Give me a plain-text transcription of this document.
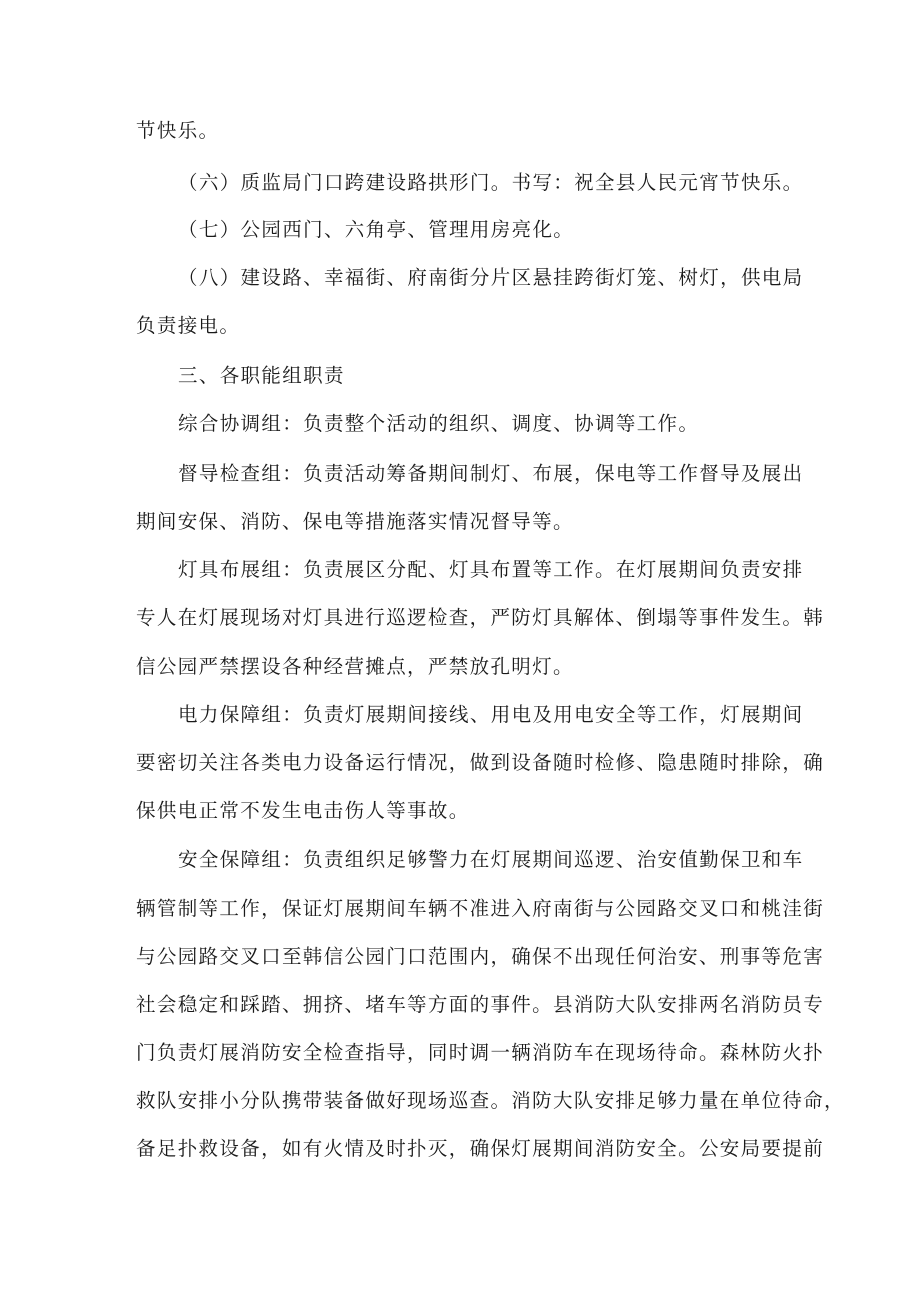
节快乐。
（六）质监局门口跨建设路拱形门。书写：祝全县人民元宵节快乐。
（七）公园西门、六角亭、管理用房亮化。
（八）建设路、幸福街、府南街分片区悬挂跨街灯笼、树灯，供电局
负责接电。
三、各职能组职责
综合协调组：负责整个活动的组织、调度、协调等工作。
督导检查组：负责活动筹备期间制灯、布展，保电等工作督导及展出
期间安保、消防、保电等措施落实情况督导等。
灯具布展组：负责展区分配、灯具布置等工作。在灯展期间负责安排
专人在灯展现场对灯具进行巡逻检查，严防灯具解体、倒塌等事件发生。韩
信公园严禁摆设各种经营摊点，严禁放孔明灯。
电力保障组：负责灯展期间接线、用电及用电安全等工作，灯展期间
要密切关注各类电力设备运行情况，做到设备随时检修、隐患随时排除，确
保供电正常不发生电击伤人等事故。
安全保障组：负责组织足够警力在灯展期间巡逻、治安值勤保卫和车
辆管制等工作，保证灯展期间车辆不准进入府南街与公园路交叉口和桃洼街
与公园路交叉口至韩信公园门口范围内，确保不出现任何治安、刑事等危害
社会稳定和踩踏、拥挤、堵车等方面的事件。县消防大队安排两名消防员专
门负责灯展消防安全检查指导，同时调一辆消防车在现场待命。森林防火扑
救队安排小分队携带装备做好现场巡查。消防大队安排足够力量在单位待命，
备足扑救设备，如有火情及时扑灭，确保灯展期间消防安全。公安局要提前
